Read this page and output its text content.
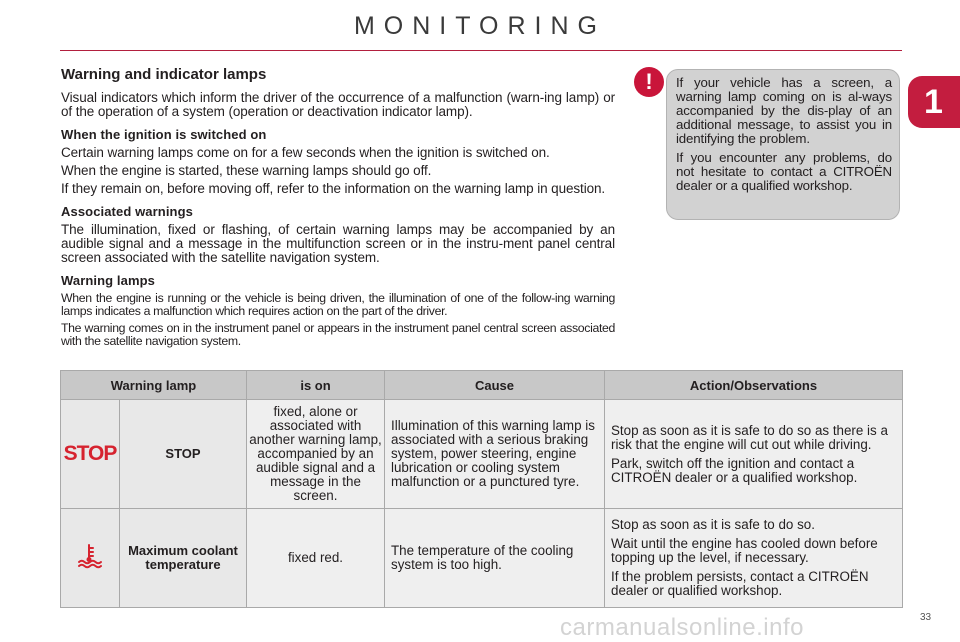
MONITORING
1
Warning and indicator lamps

Visual indicators which inform the driver of the occurrence of a malfunction (warn-ing lamp) or of the operation of a system (operation or deactivation indicator lamp).

When the ignition is switched on

Certain warning lamps come on for a few seconds when the ignition is switched on.

When the engine is started, these warning lamps should go off.

If they remain on, before moving off, refer to the information on the warning lamp in question.

Associated warnings

The illumination, fixed or flashing, of certain warning lamps may be accompanied by an audible signal and a message in the multifunction screen or in the instru-ment panel central screen associated with the satellite navigation system.

Warning lamps

When the engine is running or the vehicle is being driven, the illumination of one of the follow-ing warning lamps indicates a malfunction which requires action on the part of the driver.

The warning comes on in the instrument panel or appears in the instrument panel central screen associated with the satellite navigation system.

!	If your vehicle has a screen, a warning lamp coming on is al-ways accompanied by the dis-play of an additional message, to assist you in identifying the problem.

If you encounter any problems, do not hesitate to contact a CITROËN dealer or a qualified workshop.

Warning lamp		is on	Cause	Action/Observations
STOP	STOP	fixed, alone or associated with another warning lamp, accompanied by an audible signal and a message in the screen.	Illumination of this warning lamp is associated with a serious braking system, power steering, engine lubrication or cooling system malfunction or a punctured tyre.	Stop as soon as it is safe to do so as there is a risk that the engine will cut out while driving.

Park, switch off the ignition and contact a CITROËN dealer or a qualified workshop.

	Maximum coolant temperature	fixed red.	The temperature of the cooling system is too high.	Stop as soon as it is safe to do so.

Wait until the engine has cooled down before topping up the level, if necessary.

If the problem persists, contact a CITROËN dealer or qualified workshop.

carmanualsonline.info	33
